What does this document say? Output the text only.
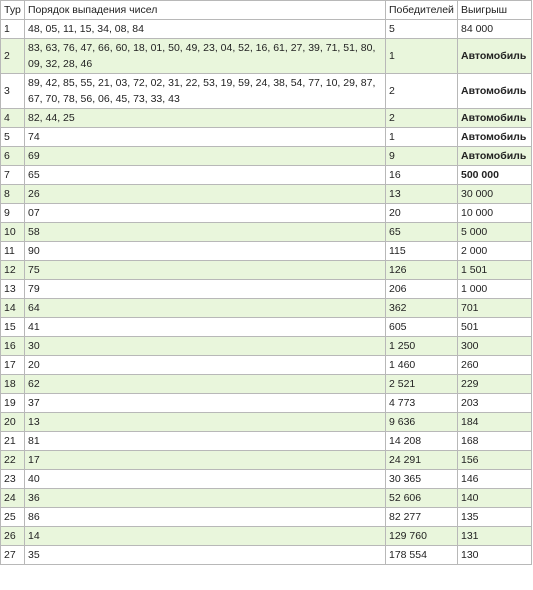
Тур	Порядок выпадения чисел	Победителей	Выигрыш
1	48, 05, 11, 15, 34, 08, 84	5	84 000
2	83, 63, 76, 47, 66, 60, 18, 01, 50, 49, 23, 04, 52, 16, 61, 27, 39, 71, 51, 80, 09, 32, 28, 46	1	Автомобиль
3	89, 42, 85, 55, 21, 03, 72, 02, 31, 22, 53, 19, 59, 24, 38, 54, 77, 10, 29, 87, 67, 70, 78, 56, 06, 45, 73, 33, 43	2	Автомобиль
4	82, 44, 25	2	Автомобиль
5	74	1	Автомобиль
6	69	9	Автомобиль
7	65	16	500 000
8	26	13	30 000
9	07	20	10 000
10	58	65	5 000
11	90	115	2 000
12	75	126	1 501
13	79	206	1 000
14	64	362	701
15	41	605	501
16	30	1 250	300
17	20	1 460	260
18	62	2 521	229
19	37	4 773	203
20	13	9 636	184
21	81	14 208	168
22	17	24 291	156
23	40	30 365	146
24	36	52 606	140
25	86	82 277	135
26	14	129 760	131
27	35	178 554	130
